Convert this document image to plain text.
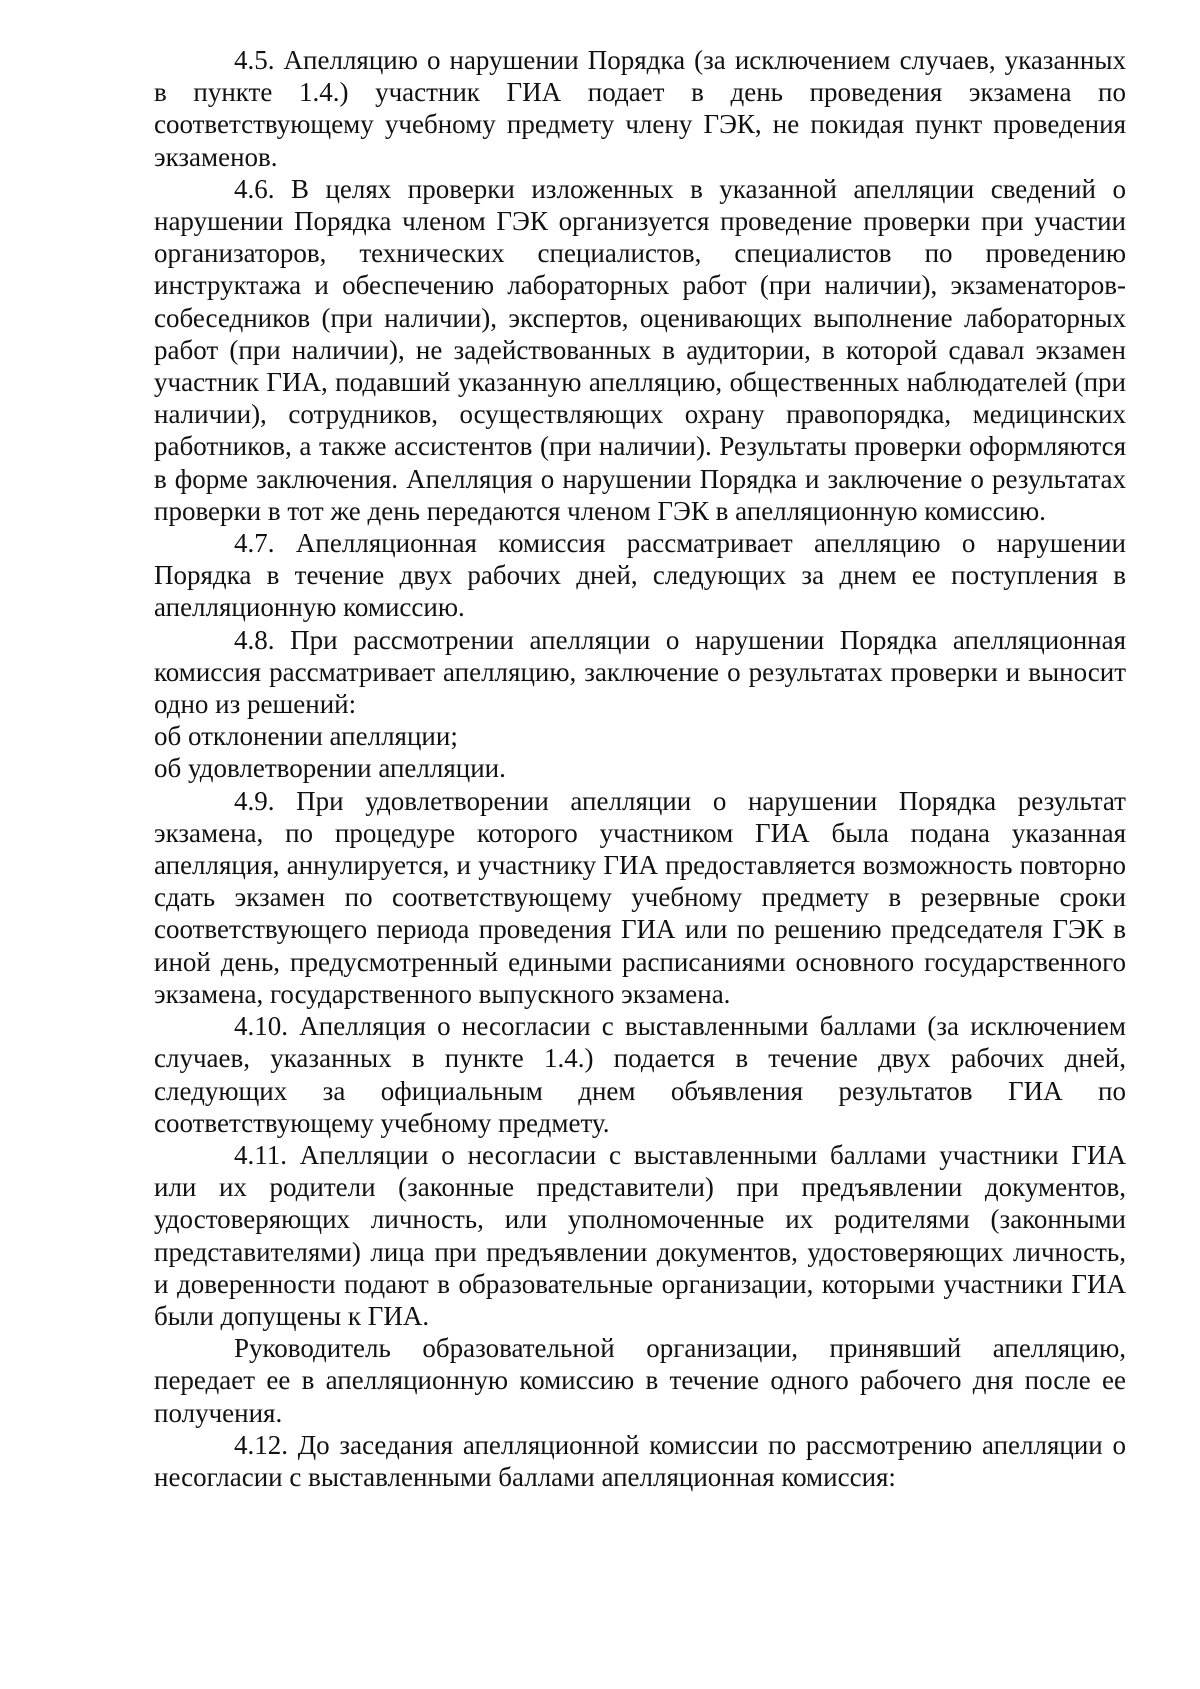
4.5. Апелляцию о нарушении Порядка (за исключением случаев, указанных в пункте 1.4.) участник ГИА подает в день проведения экзамена по соответствующему учебному предмету члену ГЭК, не покидая пункт проведения экзаменов.

4.6. В целях проверки изложенных в указанной апелляции сведений о нарушении Порядка членом ГЭК организуется проведение проверки при участии организаторов, технических специалистов, специалистов по проведению инструктажа и обеспечению лабораторных работ (при наличии), экзаменаторов-собеседников (при наличии), экспертов, оценивающих выполнение лабораторных работ (при наличии), не задействованных в аудитории, в которой сдавал экзамен участник ГИА, подавший указанную апелляцию, общественных наблюдателей (при наличии), сотрудников, осуществляющих охрану правопорядка, медицинских работников, а также ассистентов (при наличии). Результаты проверки оформляются в форме заключения. Апелляция о нарушении Порядка и заключение о результатах проверки в тот же день передаются членом ГЭК в апелляционную комиссию.

4.7. Апелляционная комиссия рассматривает апелляцию о нарушении Порядка в течение двух рабочих дней, следующих за днем ее поступления в апелляционную комиссию.

4.8. При рассмотрении апелляции о нарушении Порядка апелляционная комиссия рассматривает апелляцию, заключение о результатах проверки и выносит одно из решений:

об отклонении апелляции;

об удовлетворении апелляции.

4.9. При удовлетворении апелляции о нарушении Порядка результат экзамена, по процедуре которого участником ГИА была подана указанная апелляция, аннулируется, и участнику ГИА предоставляется возможность повторно сдать экзамен по соответствующему учебному предмету в резервные сроки соответствующего периода проведения ГИА или по решению председателя ГЭК в иной день, предусмотренный едиными расписаниями основного государственного экзамена, государственного выпускного экзамена.

4.10. Апелляция о несогласии с выставленными баллами (за исключением случаев, указанных в пункте 1.4.) подается в течение двух рабочих дней, следующих за официальным днем объявления результатов ГИА по соответствующему учебному предмету.

4.11. Апелляции о несогласии с выставленными баллами участники ГИА или их родители (законные представители) при предъявлении документов, удостоверяющих личность, или уполномоченные их родителями (законными представителями) лица при предъявлении документов, удостоверяющих личность, и доверенности подают в образовательные организации, которыми участники ГИА были допущены к ГИА.

Руководитель образовательной организации, принявший апелляцию, передает ее в апелляционную комиссию в течение одного рабочего дня после ее получения.

4.12. До заседания апелляционной комиссии по рассмотрению апелляции о несогласии с выставленными баллами апелляционная комиссия:
